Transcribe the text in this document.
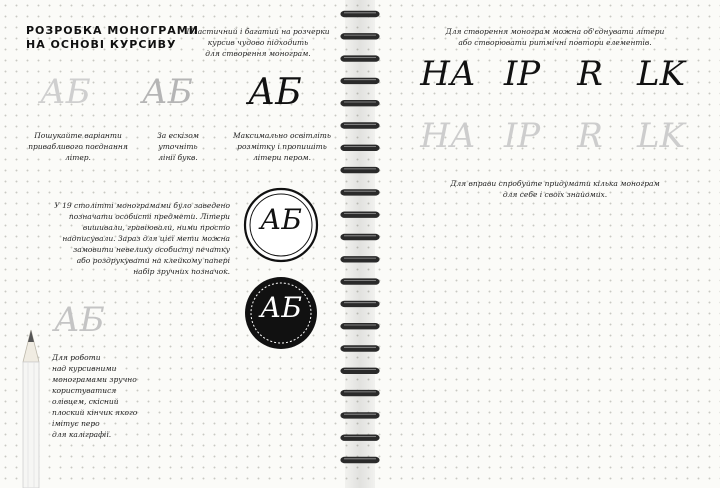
РОЗРОБКА МОНОГРАМИ
НА ОСНОВІ КУРСИВУ
Пластичний і багатий на розчерки
курсив чудово підходить
для створення монограм.
АБ АБ АБ
Пошукайте варіанти
привабливого поєднання
літер.
За ескізом
уточніть
лінії букв.
Максимально освітліть
розмітку і пропишіть
літери пером.
У 19 столітті монограмами було заведено
позначати особисті предмети. Літери
вишивали, гравіювали, ними просто
надписували. Зараз для цієї мети можна
замовити невелику особисту печатку
або роздрукувати на клейкому папері
набір зручних позначок.
АБ
АБ
АБ
Для роботи
над курсивними
монограмами зручно
користуватися
олівцем, скісний
плоский кінчик якого
імітує перо
для каліграфії.
Для створення монограм можна об'єднувати літери
або створювати ритмічні повтори елементів.
НА ІР	R	LK
НА ІР	R	LK
Для вправи спробуйте придумати кілька монограм
для себе і своїх знайомих.
